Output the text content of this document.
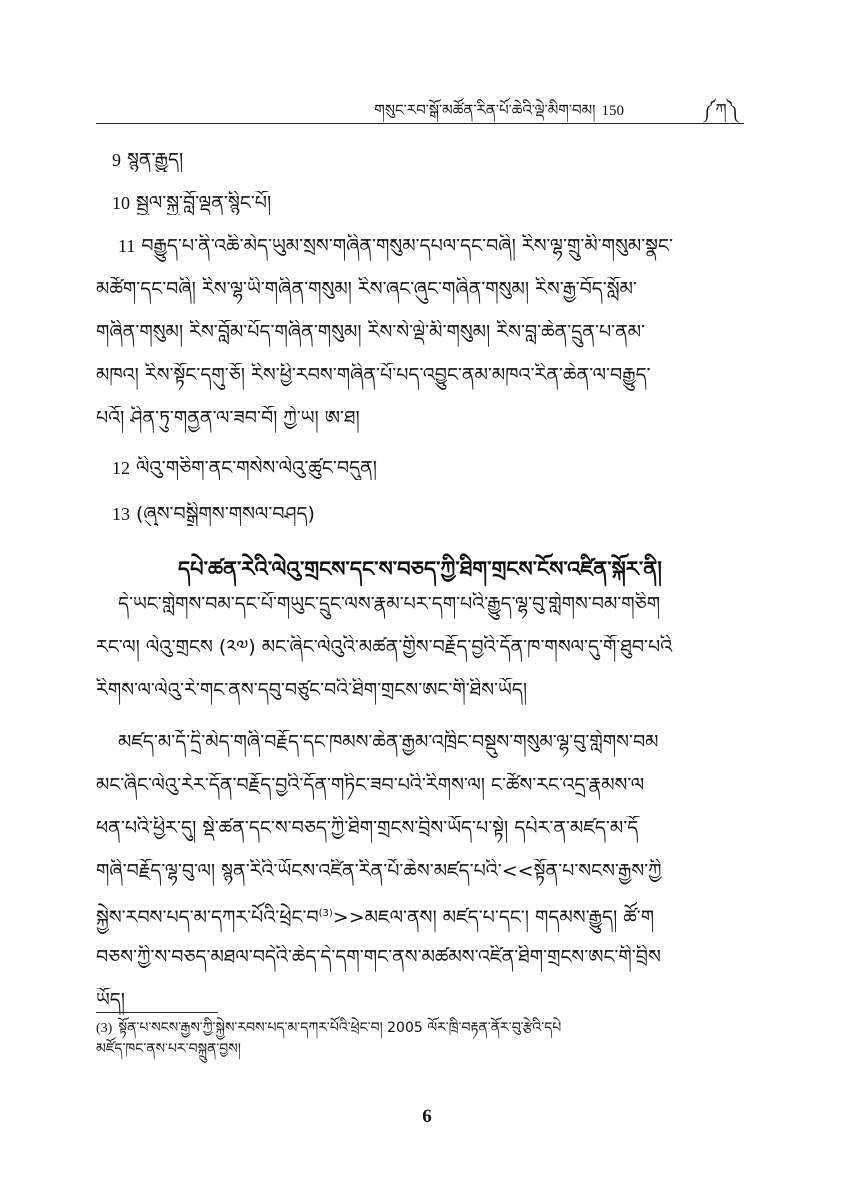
གསུང་རབ་སྒོ་མཚོན་རིན་པོ་ཆེའི་ལྡེ་མིག་བམ། 150	༼ཀ༽

9 སྙན་རྒྱུད།

10 སྦྱལ་སྐྱ་བློ་ལྡན་སྙིང་པོ།

11 བརྒྱུད་པ་ནི་འཆི་མེད་ཡུམ་སྲས་གཞིན་གསུམ་དཔལ་དང་བཞི། རིས་ལྷ་གྲུ་མི་གསུམ་སྣང་

མཚོག་དང་བཞི། རིས་ལྷ་ཡི་གཞིན་གསུམ། རིས་ཞང་ཞུང་གཞིན་གསུམ། རིས་རྒྱ་བོད་སློམ་

གཞིན་གསུམ། རིས་བློམ་པོད་གཞིན་གསུམ། རིས་སེ་ལྡེ་མི་གསུམ། རིས་བླ་ཆེན་དྲུན་པ་ནམ་

མཁའ། རིས་སྟོང་དགུ་ཅོ། རིས་ཕྱི་རབས་གཞིན་པོ་པད་འབྱུང་ནམ་མཁའ་རིན་ཆེན་ལ་བརྒྱུད་

པའོ། ཤིན་ཏུ་གནྱན་ལ་ཟབ་བོ། ཀྱེ་ཡ། ཨ་ཐ།

12 ལིའུ་གཅིག་ནང་གསེས་ལེའུ་ཚུང་བདུན།

13 (ཞུས་བསྒྲིགས་གསལ་བཤད)

དཔེ་ཚན་རེའི་ལེའུ་གྲངས་དང་ས་བཅད་ཀྱི་ཐིག་གྲངས་ངོས་འཛིན་སྐོར་ནི།

དེ་ཡང་གླེགས་བམ་དང་པོ་གཡུང་དྲུང་ལས་རྣམ་པར་དག་པའི་རྒྱུད་ལྷ་བུ་གླེགས་བམ་གཅིག

རང་ལ། ལེའུ་གྲངས (༢༧) མང་ཞིང་ལེའུའི་མཚན་གྱིས་བརྗོད་བྱའི་དོན་ཁ་གསལ་དུ་གོ་ཐུབ་པའི

རིགས་ལ་ལེའུ་རེ་གང་ནས་དབུ་བཙུང་བའི་ཐིག་གྲངས་ཨང་གི་ཐིས་ཡོད།

མཛད་མ་དོ་དྲི་མེད་གཞི་བརྗོད་དང་ཁམས་ཆེན་རྒྱམ་འཁྲིང་བསྡུས་གསུམ་ལྷ་བུ་གླེགས་བམ

མང་ཞིང་ལེའུ་རེར་དོན་བརྗོད་བྱའི་དོན་གཏིང་ཟབ་པའི་རིགས་ལ། ང་ཚོས་རང་འདྲ་རྣམས་ལ

ཕན་པའི་ཕྱིར་དུ། སྡེ་ཚན་དང་ས་བཅད་ཀྱི་ཐིག་གྲངས་བྲིས་ཡོད་པ་སྟེ། དཔེར་ན་མཛད་མ་དོ

གཞི་བརྗོད་ལྷ་བུ་ལ། སྙན་རིའི་ཡོངས་འཛིན་རིན་པོ་ཆེས་མཛད་པའི་<<སྟོན་པ་སངས་རྒྱས་ཀྱི

སྐྱེས་རབས་པད་མ་དཀར་པོའི་ཕྲེང་བ$^{(3)}$>>མཇལ་ནས། མཛད་པ་དང་། གདམས་རྒྱུད། ཚོ་ག

བཅས་ཀྱི་ས་བཅད་མཐལ་བདེའི་ཆེད་དེ་དག་གང་ནས་མཚམས་འཛིན་ཐིག་གྲངས་ཨང་གི་བྲིས

ཡོད།

(3) སྟོན་པ་སངས་རྒྱས་ཀྱི་སྐྱེས་རབས་པད་མ་དཀར་པོའི་ཕྲེང་བ། 2005 ལོར་ཁྲི་བརྟན་ནོར་བུ་རྩེའི་དཔེ
མཛོད་ཁང་ནས་པར་བསྐྲུན་བྱས།
6
